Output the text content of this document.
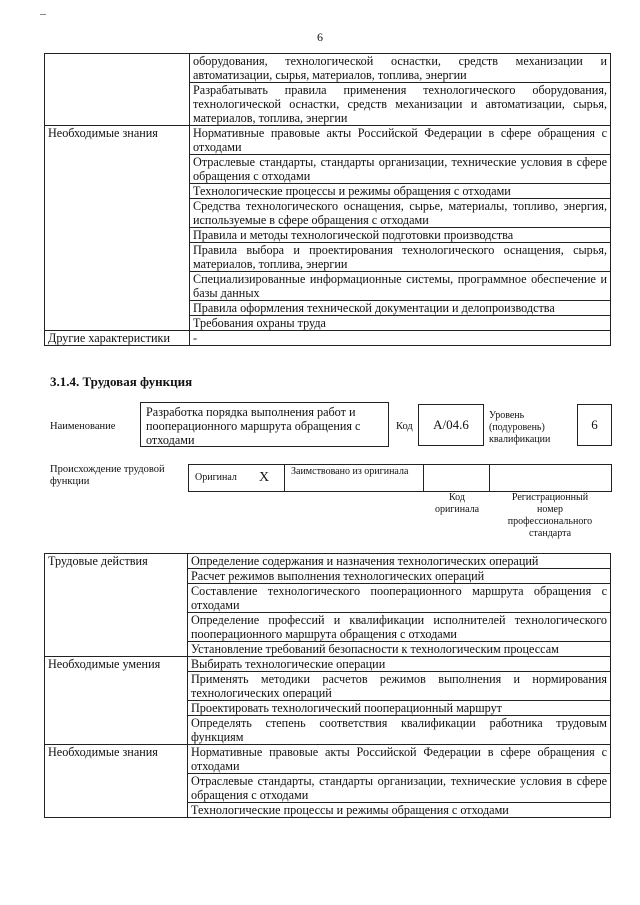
6
	оборудования, технологической оснастки, средств механизации и автоматизации, сырья, материалов, топлива, энергии
	Разрабатывать правила применения технологического оборудования, технологической оснастки, средств механизации и автоматизации, сырья, материалов, топлива, энергии
Необходимые знания	Нормативные правовые акты Российской Федерации в сфере обращения с отходами
	Отраслевые стандарты, стандарты организации, технические условия в сфере обращения с отходами
	Технологические процессы и режимы обращения с отходами
	Средства технологического оснащения, сырье, материалы, топливо, энергия, используемые в сфере обращения с отходами
	Правила и методы технологической подготовки производства
	Правила выбора и проектирования технологического оснащения, сырья, материалов, топлива, энергии
	Специализированные информационные системы, программное обеспечение и базы данных
	Правила оформления технической документации и делопроизводства
	Требования охраны труда
Другие характеристики	-
3.1.4. Трудовая функция
Наименование
Разработка порядка выполнения работ и пооперационного маршрута обращения с отходами
Код	А/04.6
Уровень (подуровень) квалификации
6
Происхождение трудовой функции	Оригинал X	Заимствовано из оригинала
Код оригинала
Регистрационный номер профессионального стандарта
Трудовые действия	Определение содержания и назначения технологических операций
	Расчет режимов выполнения технологических операций
	Составление технологического пооперационного маршрута обращения с отходами
	Определение профессий и квалификации исполнителей технологического пооперационного маршрута обращения с отходами
	Установление требований безопасности к технологическим процессам
Необходимые умения	Выбирать технологические операции
	Применять методики расчетов режимов выполнения и нормирования технологических операций
	Проектировать технологический пооперационный маршрут
	Определять степень соответствия квалификации работника трудовым функциям
Необходимые знания	Нормативные правовые акты Российской Федерации в сфере обращения с отходами
	Отраслевые стандарты, стандарты организации, технические условия в сфере обращения с отходами
	Технологические процессы и режимы обращения с отходами
